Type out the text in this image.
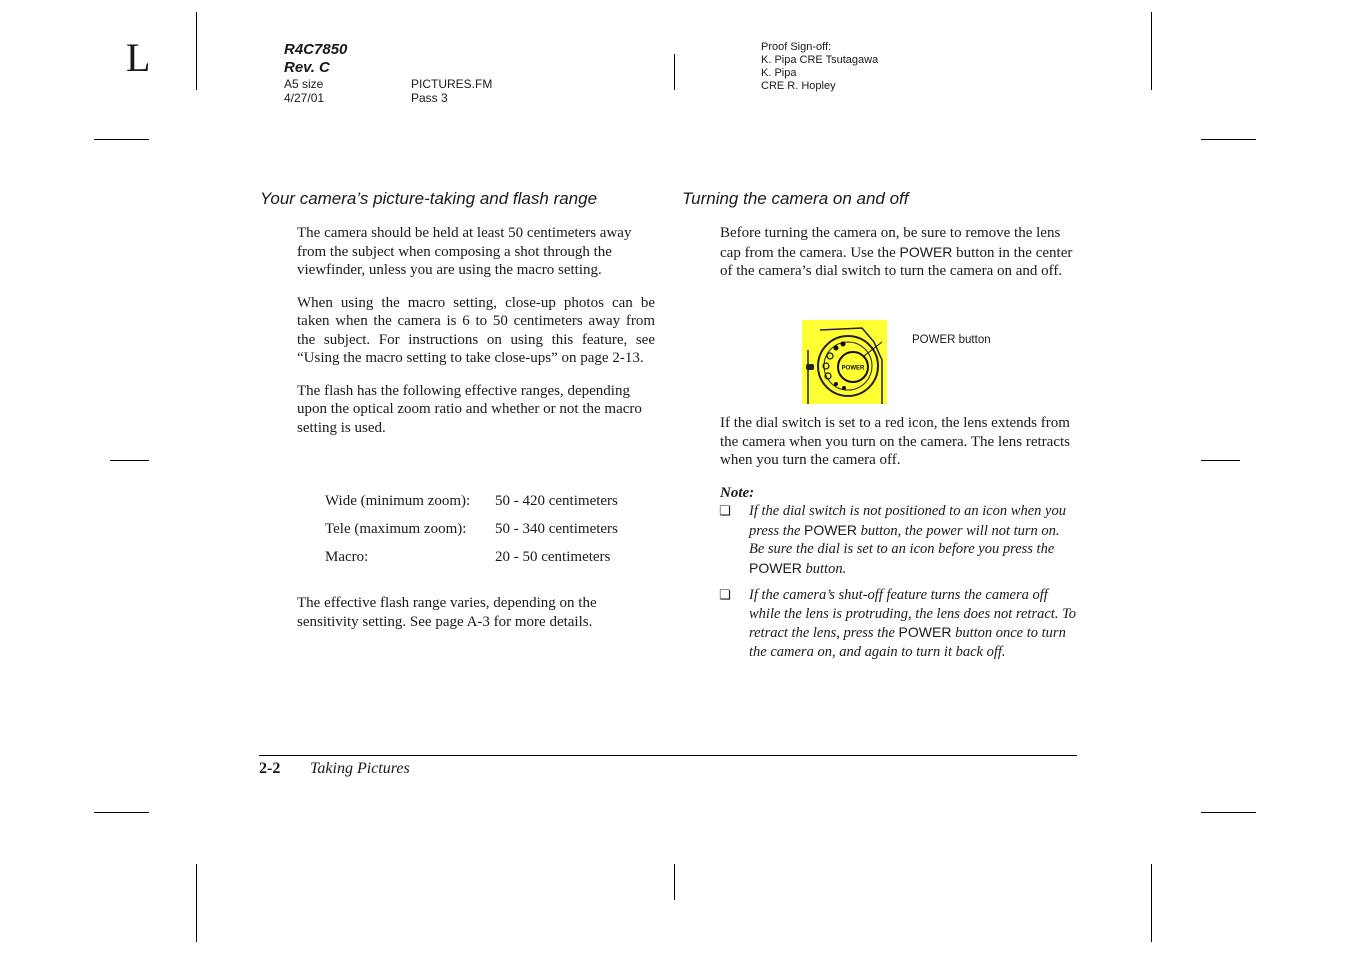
L	R4C7850
Rev. C
A5 size
4/27/01
PICTURES.FM
Pass 3
Proof Sign-off:
K. Pipa CRE Tsutagawa
K. Pipa
CRE R. Hopley
Your camera’s picture-taking and flash range

The camera should be held at least 50 centimeters away from the subject when composing a shot through the viewfinder, unless you are using the macro setting.

When using the macro setting, close-up photos can be taken when the camera is 6 to 50 centimeters away from the subject. For instructions on using this feature, see “Using the macro setting to take close-ups” on page 2-13.

The flash has the following effective ranges, depending upon the optical zoom ratio and whether or not the macro setting is used.

Wide (minimum zoom): 50 - 420 centimeters
Tele (maximum zoom): 50 - 340 centimeters
Macro:	20 - 50 centimeters
The effective flash range varies, depending on the sensitivity setting. See page A-3 for more details.
Turning the camera on and off
Before turning the camera on, be sure to remove the lens cap from the camera. Use the POWER button in the center of the camera’s dial switch to turn the camera on and off.
POWER
POWER button
If the dial switch is set to a red icon, the lens extends from the camera when you turn on the camera. The lens retracts when you turn the camera off.
Note:
❏ If the dial switch is not positioned to an icon when you press the POWER button, the power will not turn on. Be sure the dial is set to an icon before you press the POWER button.
❏ If the camera’s shut-off feature turns the camera off while the lens is protruding, the lens does not retract. To retract the lens, press the POWER button once to turn the camera on, and again to turn it back off.
2-2 Taking Pictures
